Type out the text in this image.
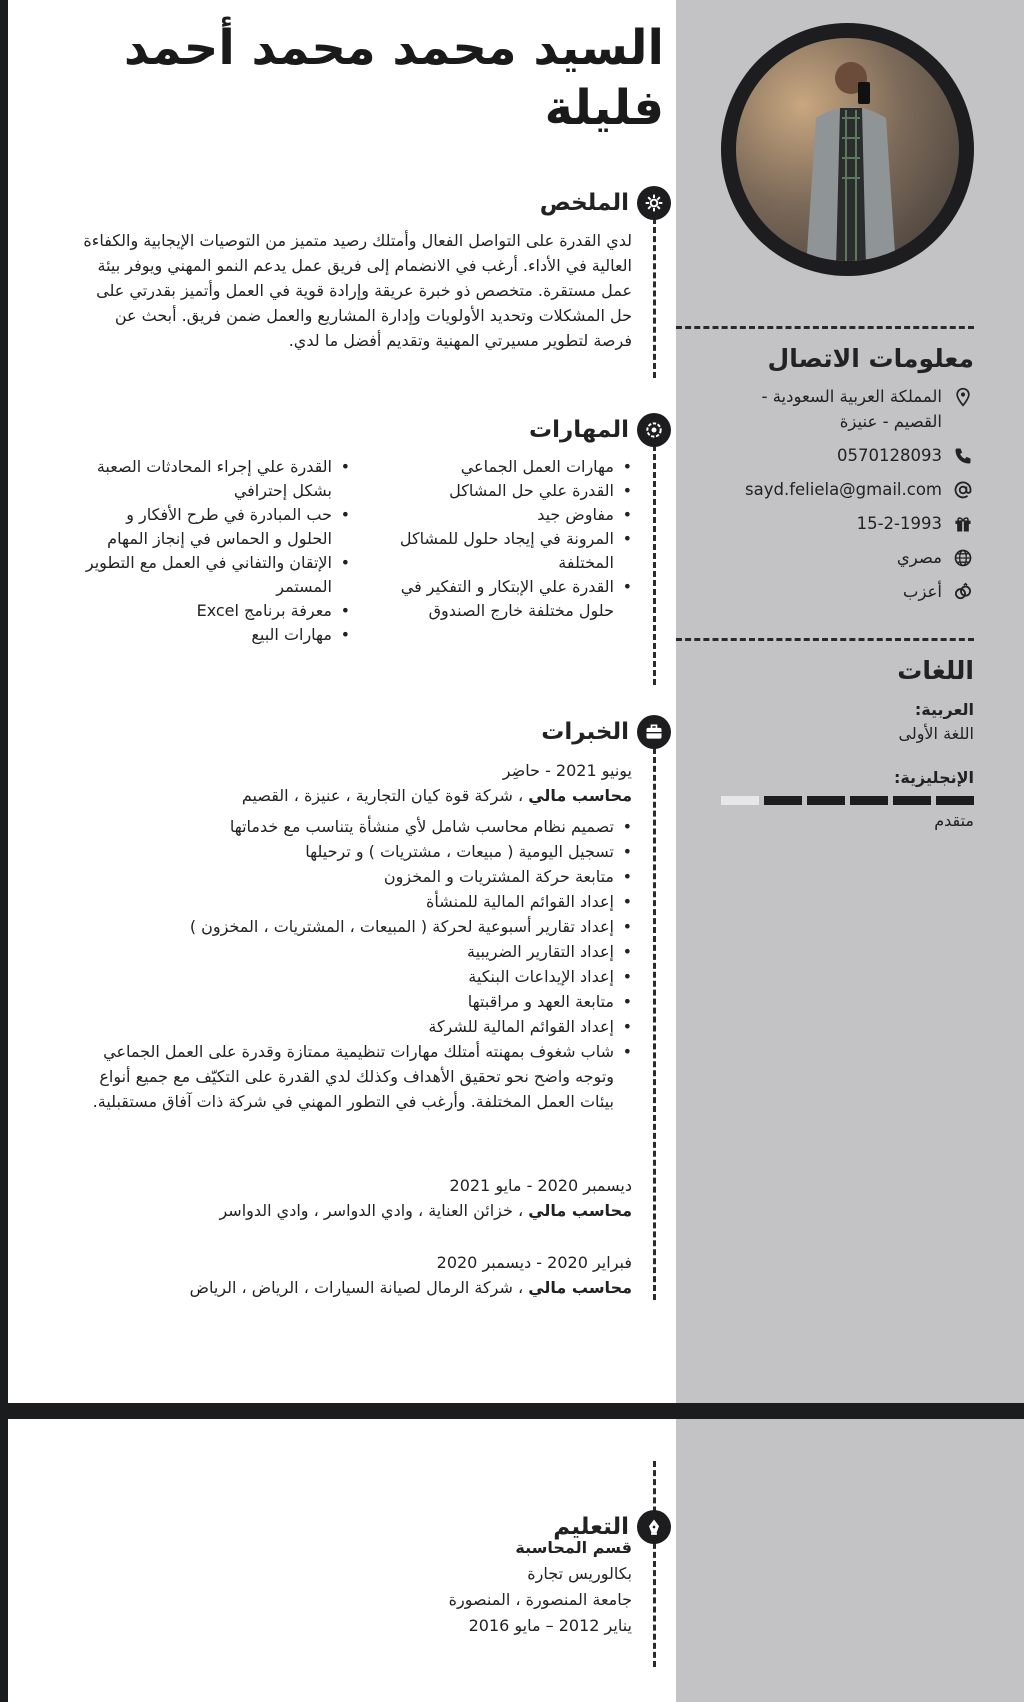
معلومات الاتصال
المملكة العربية السعودية - القصيم - عنيزة
0570128093
sayd.feliela@gmail.com
15-2-1993
مصري
أعزب
اللغات
العربية:
اللغة الأولى
الإنجليزية:
متقدم
السيد محمد محمد أحمد فليلة
الملخص
لدي القدرة على التواصل الفعال وأمتلك رصيد متميز من التوصيات الإيجابية والكفاءة العالية في الأداء. أرغب في الانضمام إلى فريق عمل يدعم النمو المهني ويوفر بيئة عمل مستقرة. متخصص ذو خبرة عريقة وإرادة قوية في العمل وأتميز بقدرتي على حل المشكلات وتحديد الأولويات وإدارة المشاريع والعمل ضمن فريق. أبحث عن فرصة لتطوير مسيرتي المهنية وتقديم أفضل ما لدي.
المهارات
• مهارات العمل الجماعي
• القدرة علي حل المشاكل
• مفاوض جيد
• المرونة في إيجاد حلول للمشاكل المختلفة
• القدرة علي الإبتكار و التفكير في حلول مختلفة خارج الصندوق
• القدرة علي إجراء المحادثات الصعبة بشكل إحترافي
• حب المبادرة في طرح الأفكار و الحلول و الحماس في إنجاز المهام
• الإتقان والتفاني في العمل مع التطوير المستمر
• معرفة برنامج Excel
• مهارات البيع
الخبرات
يونيو 2021 - حاضِر
محاسب مالي ، شركة قوة كيان التجارية ، عنيزة ، القصيم
• تصميم نظام محاسب شامل لأي منشأة يتناسب مع خدماتها
• تسجيل اليومية ( مبيعات ، مشتريات ) و ترحيلها
• متابعة حركة المشتريات و المخزون
• إعداد القوائم المالية للمنشأة
• إعداد تقارير أسبوعية لحركة ( المبيعات ، المشتريات ، المخزون )
• إعداد التقارير الضريبية
• إعداد الإيداعات البنكية
• متابعة العهد و مراقبتها
• إعداد القوائم المالية للشركة
• شاب شغوف بمهنته أمتلك مهارات تنظيمية ممتازة وقدرة على العمل الجماعي وتوجه واضح نحو تحقيق الأهداف وكذلك لدي القدرة على التكيّف مع جميع أنواع بيئات العمل المختلفة. وأرغب في التطور المهني في شركة ذات آفاق مستقبلية.
ديسمبر 2020 - مايو 2021
محاسب مالي ، خزائن العناية ، وادي الدواسر ، وادي الدواسر
فبراير 2020 - ديسمبر 2020
محاسب مالي ، شركة الرمال لصيانة السيارات ، الرياض ، الرياض
التعليم
قسم المحاسبة
بكالوريس تجارة
جامعة المنصورة ، المنصورة
يناير 2012 – مايو 2016
